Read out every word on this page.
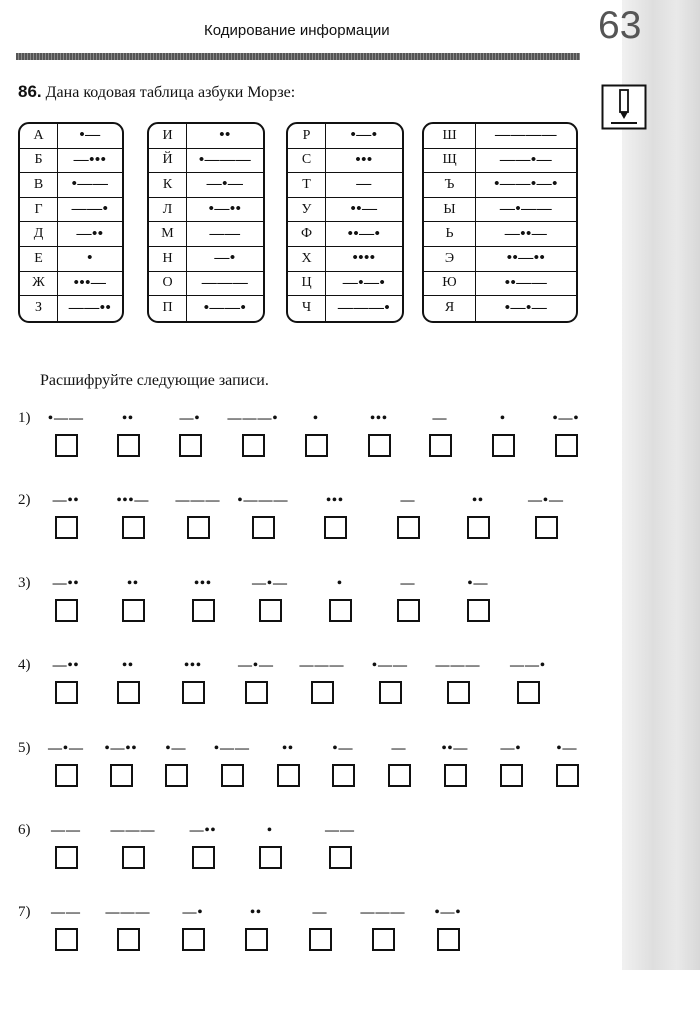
Кодирование информации	63
86. Дана кодовая таблица азбуки Морзе:
А	•—
Б	—•••
В	•——
Г	——•
Д	—••
Е	•
Ж	•••—
З	——••
И	••
Й	•———
К	—•—
Л	•—••
М	——
Н	—•
О	———
П	•——•
Р	•—•
С	•••
Т	—
У	••—
Ф	••—•
Х	••••
Ц	—•—•
Ч	———•
Ш	————
Щ	——•—
Ъ	•——•—•
Ы	—•——
Ь	—••—
Э	••—••
Ю	••——
Я	•—•—
Расшифруйте следующие записи.
1) •——	••	—• ———• •	•••	—	•	•—•
2) —••	•••— ——— •———	•••	—	••	—•—
3) —••	••	•••	—•—	•	—	•—
4) —••	••	•••	—•— ——— •—— ——— ——•
5) —•— •—•• •— •—— ••	•—	—	••— —•	•—
6) —— ——— —••	•	——
7) —— ——— —•	••	— ——— •—•
